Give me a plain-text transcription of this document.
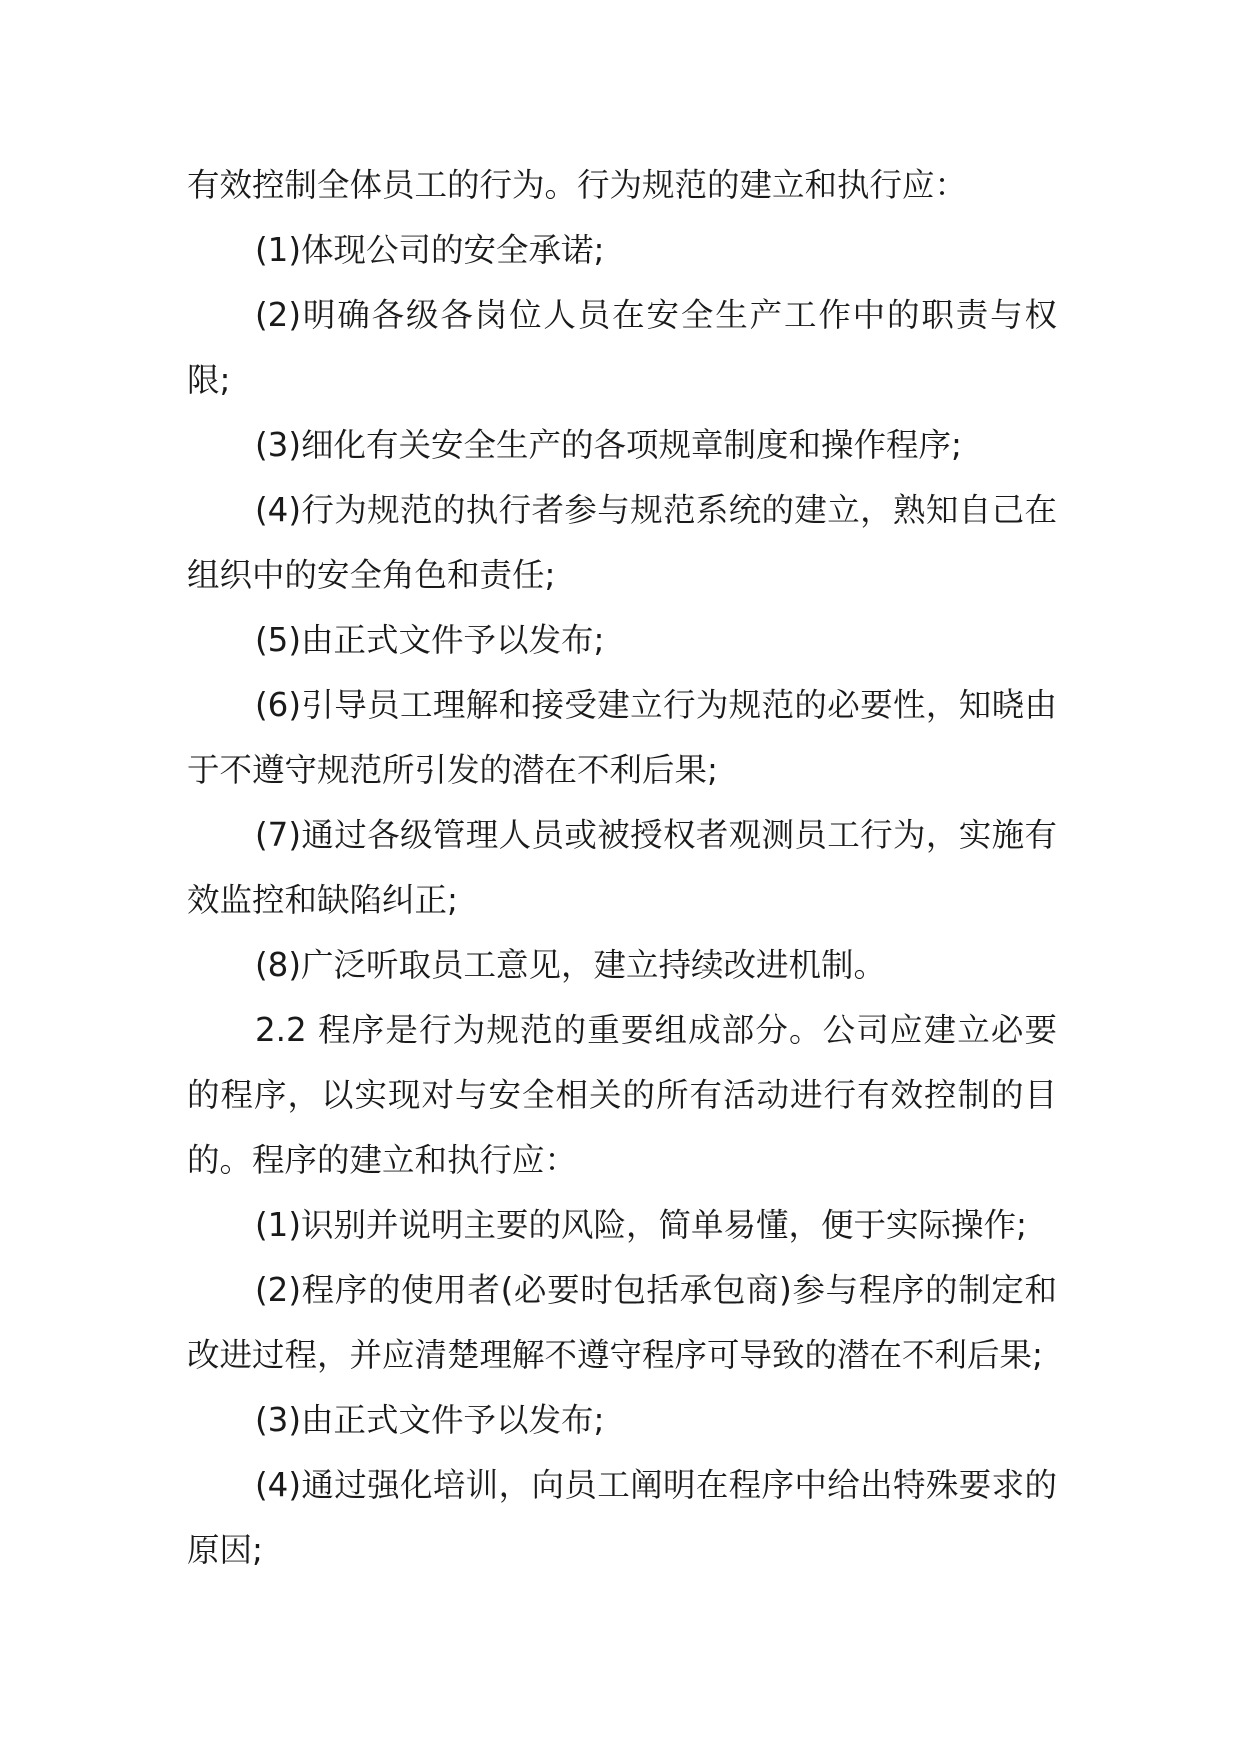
有效控制全体员工的行为。行为规范的建立和执行应：

(1)体现公司的安全承诺;

(2)明确各级各岗位人员在安全生产工作中的职责与权限;

(3)细化有关安全生产的各项规章制度和操作程序;

(4)行为规范的执行者参与规范系统的建立，熟知自己在组织中的安全角色和责任;

(5)由正式文件予以发布;

(6)引导员工理解和接受建立行为规范的必要性，知晓由于不遵守规范所引发的潜在不利后果;

(7)通过各级管理人员或被授权者观测员工行为，实施有效监控和缺陷纠正;

(8)广泛听取员工意见，建立持续改进机制。

2.2 程序是行为规范的重要组成部分。公司应建立必要的程序，以实现对与安全相关的所有活动进行有效控制的目的。程序的建立和执行应：

(1)识别并说明主要的风险，简单易懂，便于实际操作;

(2)程序的使用者(必要时包括承包商)参与程序的制定和改进过程，并应清楚理解不遵守程序可导致的潜在不利后果;

(3)由正式文件予以发布;

(4)通过强化培训，向员工阐明在程序中给出特殊要求的原因;
